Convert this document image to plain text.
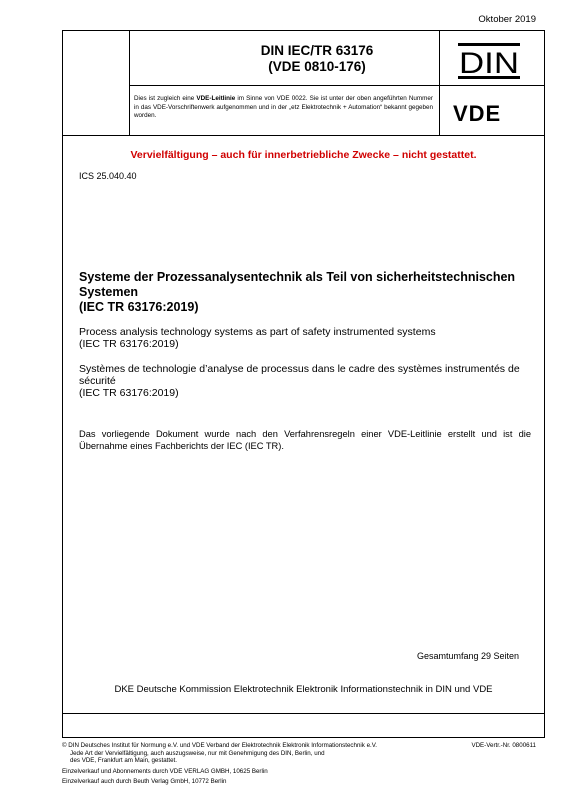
Oktober 2019
DIN IEC/TR 63176
(VDE 0810-176)
Dies ist zugleich eine VDE-Leitlinie im Sinne von VDE 0022. Sie ist unter der oben angeführten Nummer in das VDE-Vorschriftenwerk aufgenommen und in der „etz Elektrotechnik + Automation“ bekannt gegeben worden.
DIN
VDE
Vervielfältigung – auch für innerbetriebliche Zwecke – nicht gestattet.
ICS 25.040.40
Systeme der Prozessanalysentechnik als Teil von sicherheitstechnischen
Systemen
(IEC TR 63176:2019)
Process analysis technology systems as part of safety instrumented systems
(IEC TR 63176:2019)
Systèmes de technologie d’analyse de processus dans le cadre des systèmes instrumentés de
sécurité
(IEC TR 63176:2019)
Das vorliegende Dokument wurde nach den Verfahrensregeln einer VDE-Leitlinie erstellt und ist die Übernahme eines Fachberichts der IEC (IEC TR).
Gesamtumfang 29 Seiten
DKE Deutsche Kommission Elektrotechnik Elektronik Informationstechnik in DIN und VDE
© DIN Deutsches Institut für Normung e.V. und VDE Verband der Elektrotechnik Elektronik Informationstechnik e.V.
Jede Art der Vervielfältigung, auch auszugsweise, nur mit Genehmigung des DIN, Berlin, und
des VDE, Frankfurt am Main, gestattet.
VDE-Vertr.-Nr. 0800611
Einzelverkauf und Abonnements durch VDE VERLAG GMBH, 10625 Berlin
Einzelverkauf auch durch Beuth Verlag GmbH, 10772 Berlin
